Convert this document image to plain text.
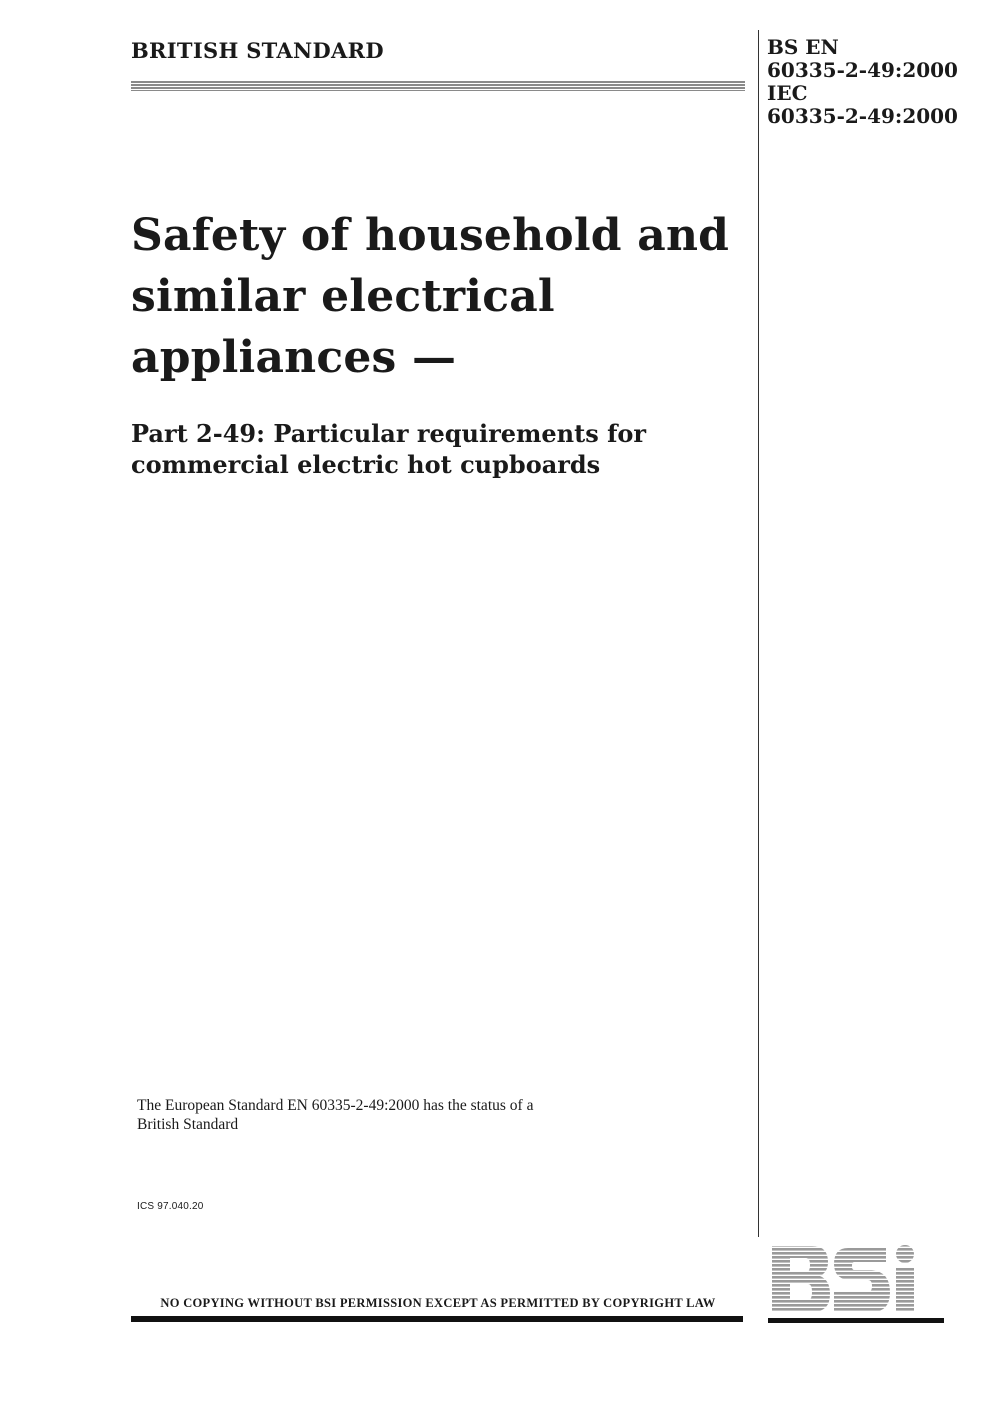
BRITISH STANDARD	BS EN
60335-2-49:2000
IEC
60335-2-49:2000
Safety of household and
similar electrical
appliances —
Part 2-49: Particular requirements for
commercial electric hot cupboards
The European Standard EN 60335-2-49:2000 has the status of a
British Standard
ICS 97.040.20
NO COPYING WITHOUT BSI PERMISSION EXCEPT AS PERMITTED BY COPYRIGHT LAW
